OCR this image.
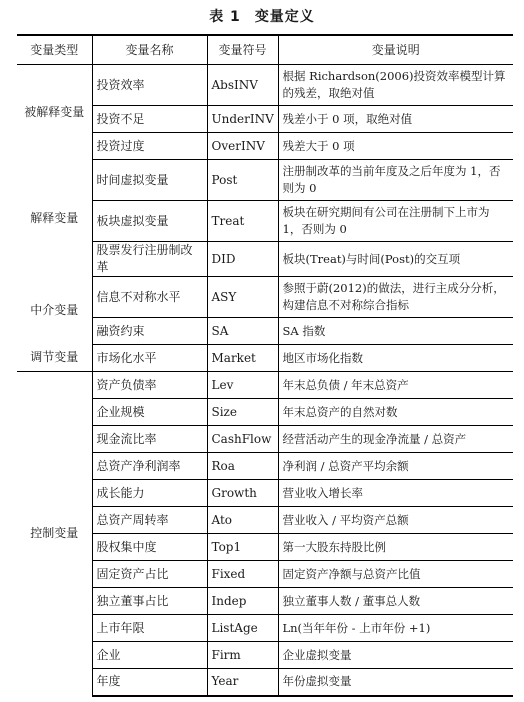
表 1 变量定义
变量类型	变量名称	变量符号	变量说明
被解释变量	投资效率	AbsINV	根据 Richardson(2006)投资效率模型计算的残差，取绝对值
	投资不足	UnderINV	残差小于 0 项，取绝对值
	投资过度	OverINV	残差大于 0 项
解释变量	时间虚拟变量	Post	注册制改革的当前年度及之后年度为 1，否则为 0
	板块虚拟变量	Treat	板块在研究期间有公司在注册制下上市为 1，否则为 0
	股票发行注册制改革	DID	板块(Treat)与时间(Post)的交互项
中介变量	信息不对称水平	ASY	参照于蔚(2012)的做法，进行主成分分析，构建信息不对称综合指标
	融资约束	SA	SA 指数
调节变量	市场化水平	Market	地区市场化指数
控制变量	资产负债率	Lev	年末总负债 / 年末总资产
	企业规模	Size	年末总资产的自然对数
	现金流比率	CashFlow	经营活动产生的现金净流量 / 总资产
	总资产净利润率	Roa	净利润 / 总资产平均余额
	成长能力	Growth	营业收入增长率
	总资产周转率	Ato	营业收入 / 平均资产总额
	股权集中度	Top1	第一大股东持股比例
	固定资产占比	Fixed	固定资产净额与总资产比值
	独立董事占比	Indep	独立董事人数 / 董事总人数
	上市年限	ListAge	Ln(当年年份 - 上市年份 +1)
	企业	Firm	企业虚拟变量
	年度	Year	年份虚拟变量
